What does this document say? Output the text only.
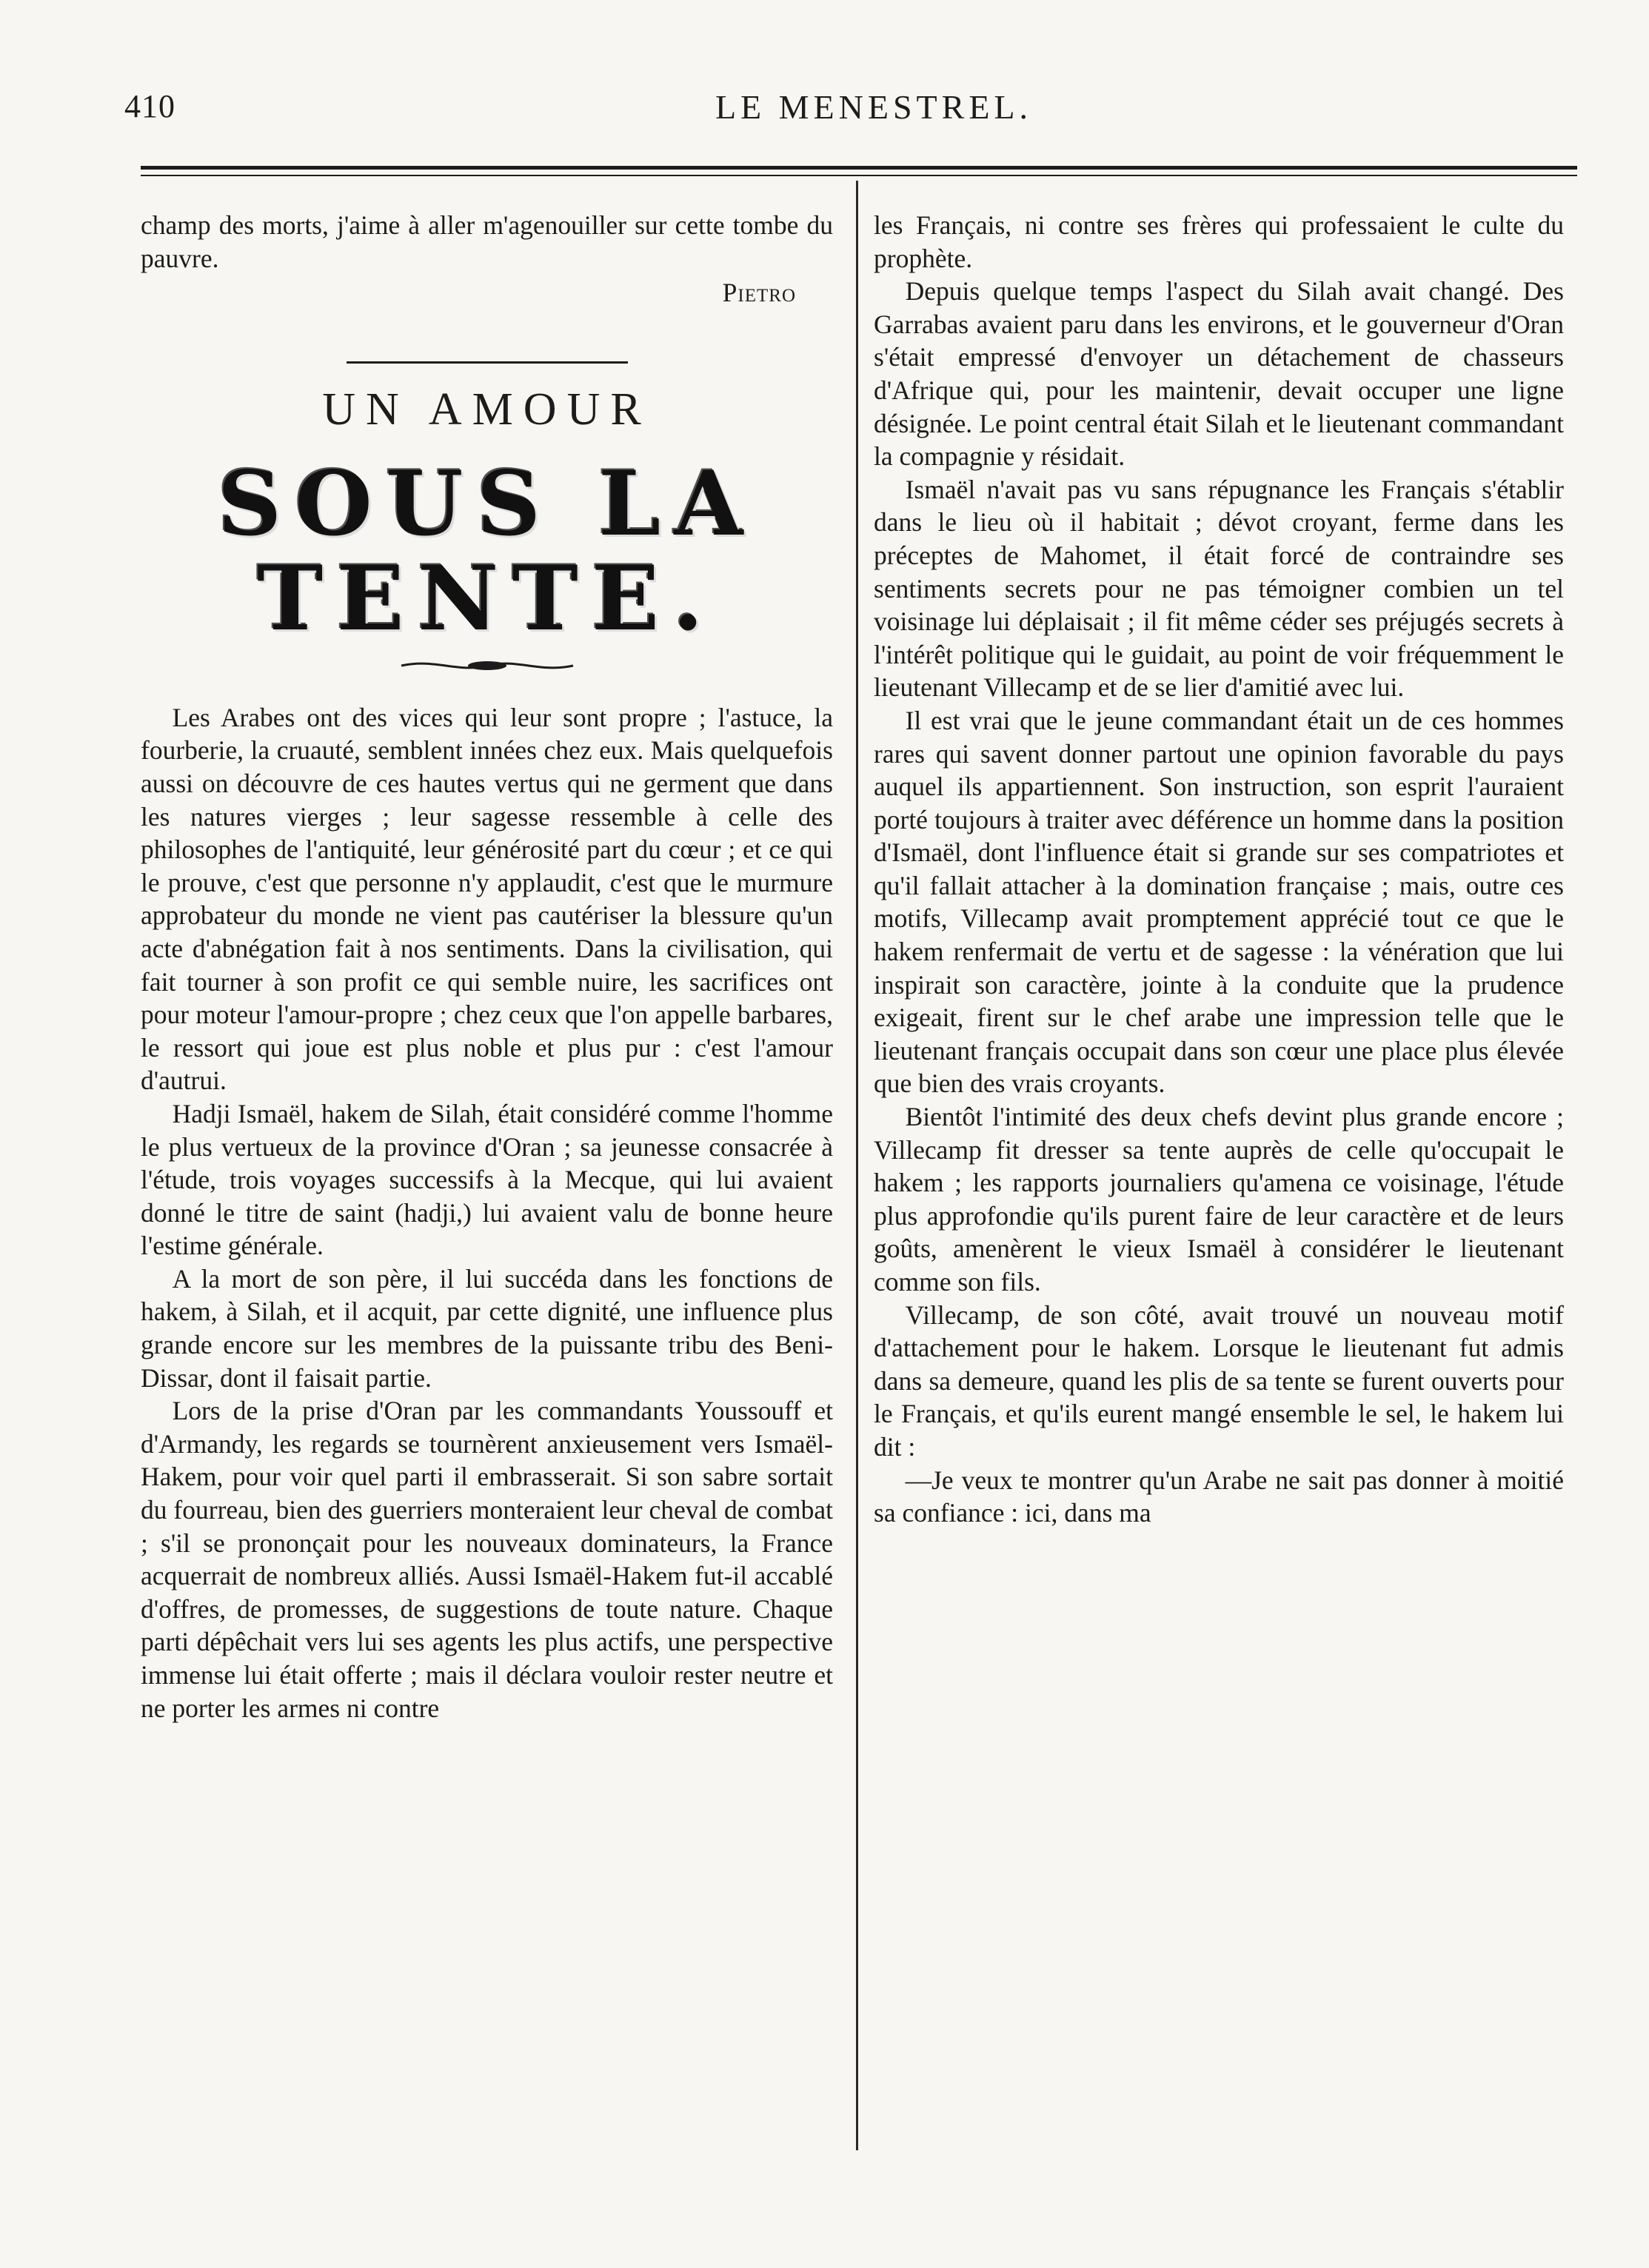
410	LE MENESTREL.

champ des morts, j'aime à aller m'agenouiller sur cette tombe du pauvre.

Pietro

UN AMOUR
SOUS LA TENTE.

Les Arabes ont des vices qui leur sont propre ; l'astuce, la fourberie, la cruauté, semblent innées chez eux. Mais quelquefois aussi on découvre de ces hautes vertus qui ne germent que dans les natures vierges ; leur sagesse ressemble à celle des philosophes de l'antiquité, leur générosité part du cœur ; et ce qui le prouve, c'est que personne n'y applaudit, c'est que le murmure approbateur du monde ne vient pas cautériser la blessure qu'un acte d'abnégation fait à nos sentiments. Dans la civilisation, qui fait tourner à son profit ce qui semble nuire, les sacrifices ont pour moteur l'amour-propre ; chez ceux que l'on appelle barbares, le ressort qui joue est plus noble et plus pur : c'est l'amour d'autrui.

Hadji Ismaël, hakem de Silah, était considéré comme l'homme le plus vertueux de la province d'Oran ; sa jeunesse consacrée à l'étude, trois voyages successifs à la Mecque, qui lui avaient donné le titre de saint (hadji,) lui avaient valu de bonne heure l'estime générale.

A la mort de son père, il lui succéda dans les fonctions de hakem, à Silah, et il acquit, par cette dignité, une influence plus grande encore sur les membres de la puissante tribu des Beni-Dissar, dont il faisait partie.

Lors de la prise d'Oran par les commandants Youssouff et d'Armandy, les regards se tournèrent anxieusement vers Ismaël-Hakem, pour voir quel parti il embrasserait. Si son sabre sortait du fourreau, bien des guerriers monteraient leur cheval de combat ; s'il se prononçait pour les nouveaux dominateurs, la France acquerrait de nombreux alliés. Aussi Ismaël-Hakem fut-il accablé d'offres, de promesses, de suggestions de toute nature. Chaque parti dépêchait vers lui ses agents les plus actifs, une perspective immense lui était offerte ; mais il déclara vouloir rester neutre et ne porter les armes ni contre

les Français, ni contre ses frères qui professaient le culte du prophète.

Depuis quelque temps l'aspect du Silah avait changé. Des Garrabas avaient paru dans les environs, et le gouverneur d'Oran s'était empressé d'envoyer un détachement de chasseurs d'Afrique qui, pour les maintenir, devait occuper une ligne désignée. Le point central était Silah et le lieutenant commandant la compagnie y résidait.

Ismaël n'avait pas vu sans répugnance les Français s'établir dans le lieu où il habitait ; dévot croyant, ferme dans les préceptes de Mahomet, il était forcé de contraindre ses sentiments secrets pour ne pas témoigner combien un tel voisinage lui déplaisait ; il fit même céder ses préjugés secrets à l'intérêt politique qui le guidait, au point de voir fréquemment le lieutenant Villecamp et de se lier d'amitié avec lui.

Il est vrai que le jeune commandant était un de ces hommes rares qui savent donner partout une opinion favorable du pays auquel ils appartiennent. Son instruction, son esprit l'auraient porté toujours à traiter avec déférence un homme dans la position d'Ismaël, dont l'influence était si grande sur ses compatriotes et qu'il fallait attacher à la domination française ; mais, outre ces motifs, Villecamp avait promptement apprécié tout ce que le hakem renfermait de vertu et de sagesse : la vénération que lui inspirait son caractère, jointe à la conduite que la prudence exigeait, firent sur le chef arabe une impression telle que le lieutenant français occupait dans son cœur une place plus élevée que bien des vrais croyants.

Bientôt l'intimité des deux chefs devint plus grande encore ; Villecamp fit dresser sa tente auprès de celle qu'occupait le hakem ; les rapports journaliers qu'amena ce voisinage, l'étude plus approfondie qu'ils purent faire de leur caractère et de leurs goûts, amenèrent le vieux Ismaël à considérer le lieutenant comme son fils.

Villecamp, de son côté, avait trouvé un nouveau motif d'attachement pour le hakem. Lorsque le lieutenant fut admis dans sa demeure, quand les plis de sa tente se furent ouverts pour le Français, et qu'ils eurent mangé ensemble le sel, le hakem lui dit :

—Je veux te montrer qu'un Arabe ne sait pas donner à moitié sa confiance : ici, dans ma
